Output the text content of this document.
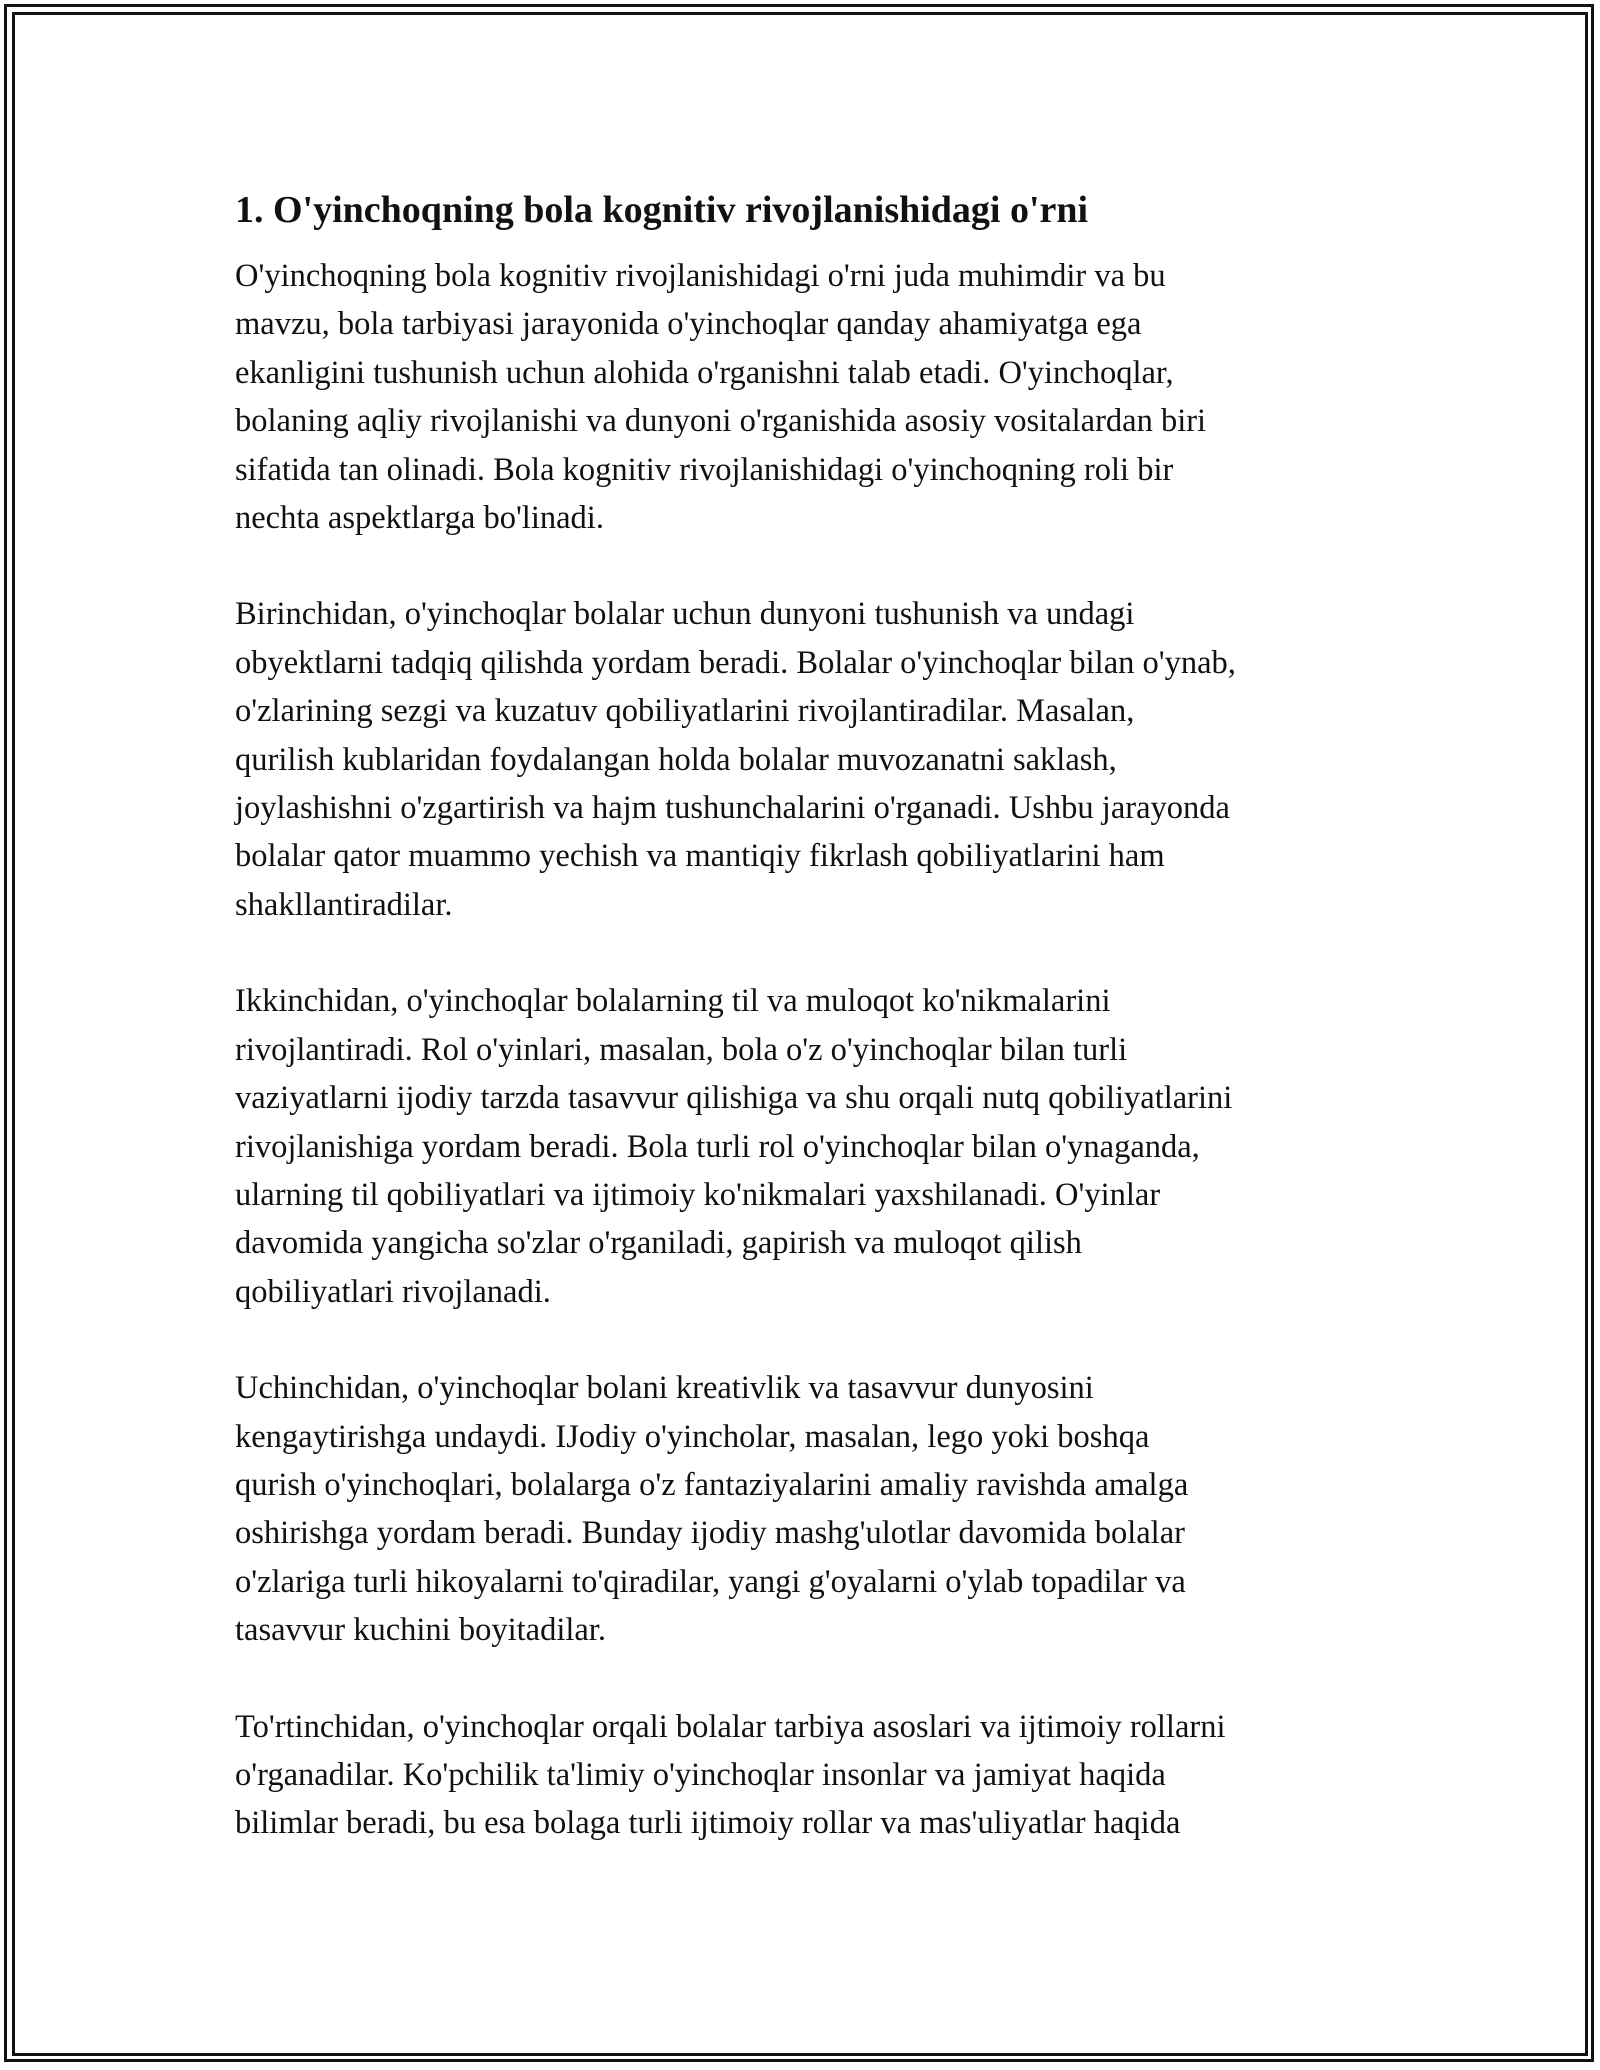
1. O'yinchoqning bola kognitiv rivojlanishidagi o'rni
O'yinchoqning bola kognitiv rivojlanishidagi o'rni juda muhimdir va bu
mavzu, bola tarbiyasi jarayonida o'yinchoqlar qanday ahamiyatga ega
ekanligini tushunish uchun alohida o'rganishni talab etadi. O'yinchoqlar,
bolaning aqliy rivojlanishi va dunyoni o'rganishida asosiy vositalardan biri
sifatida tan olinadi. Bola kognitiv rivojlanishidagi o'yinchoqning roli bir
nechta aspektlarga bo'linadi.
Birinchidan, o'yinchoqlar bolalar uchun dunyoni tushunish va undagi
obyektlarni tadqiq qilishda yordam beradi. Bolalar o'yinchoqlar bilan o'ynab,
o'zlarining sezgi va kuzatuv qobiliyatlarini rivojlantiradilar. Masalan,
qurilish kublaridan foydalangan holda bolalar muvozanatni saklash,
joylashishni o'zgartirish va hajm tushunchalarini o'rganadi. Ushbu jarayonda
bolalar qator muammo yechish va mantiqiy fikrlash qobiliyatlarini ham
shakllantiradilar.
Ikkinchidan, o'yinchoqlar bolalarning til va muloqot ko'nikmalarini
rivojlantiradi. Rol o'yinlari, masalan, bola o'z o'yinchoqlar bilan turli
vaziyatlarni ijodiy tarzda tasavvur qilishiga va shu orqali nutq qobiliyatlarini
rivojlanishiga yordam beradi. Bola turli rol o'yinchoqlar bilan o'ynaganda,
ularning til qobiliyatlari va ijtimoiy ko'nikmalari yaxshilanadi. O'yinlar
davomida yangicha so'zlar o'rganiladi, gapirish va muloqot qilish
qobiliyatlari rivojlanadi.
Uchinchidan, o'yinchoqlar bolani kreativlik va tasavvur dunyosini
kengaytirishga undaydi. IJodiy o'yincholar, masalan, lego yoki boshqa
qurish o'yinchoqlari, bolalarga o'z fantaziyalarini amaliy ravishda amalga
oshirishga yordam beradi. Bunday ijodiy mashg'ulotlar davomida bolalar
o'zlariga turli hikoyalarni to'qiradilar, yangi g'oyalarni o'ylab topadilar va
tasavvur kuchini boyitadilar.
To'rtinchidan, o'yinchoqlar orqali bolalar tarbiya asoslari va ijtimoiy rollarni
o'rganadilar. Ko'pchilik ta'limiy o'yinchoqlar insonlar va jamiyat haqida
bilimlar beradi, bu esa bolaga turli ijtimoiy rollar va mas'uliyatlar haqida
